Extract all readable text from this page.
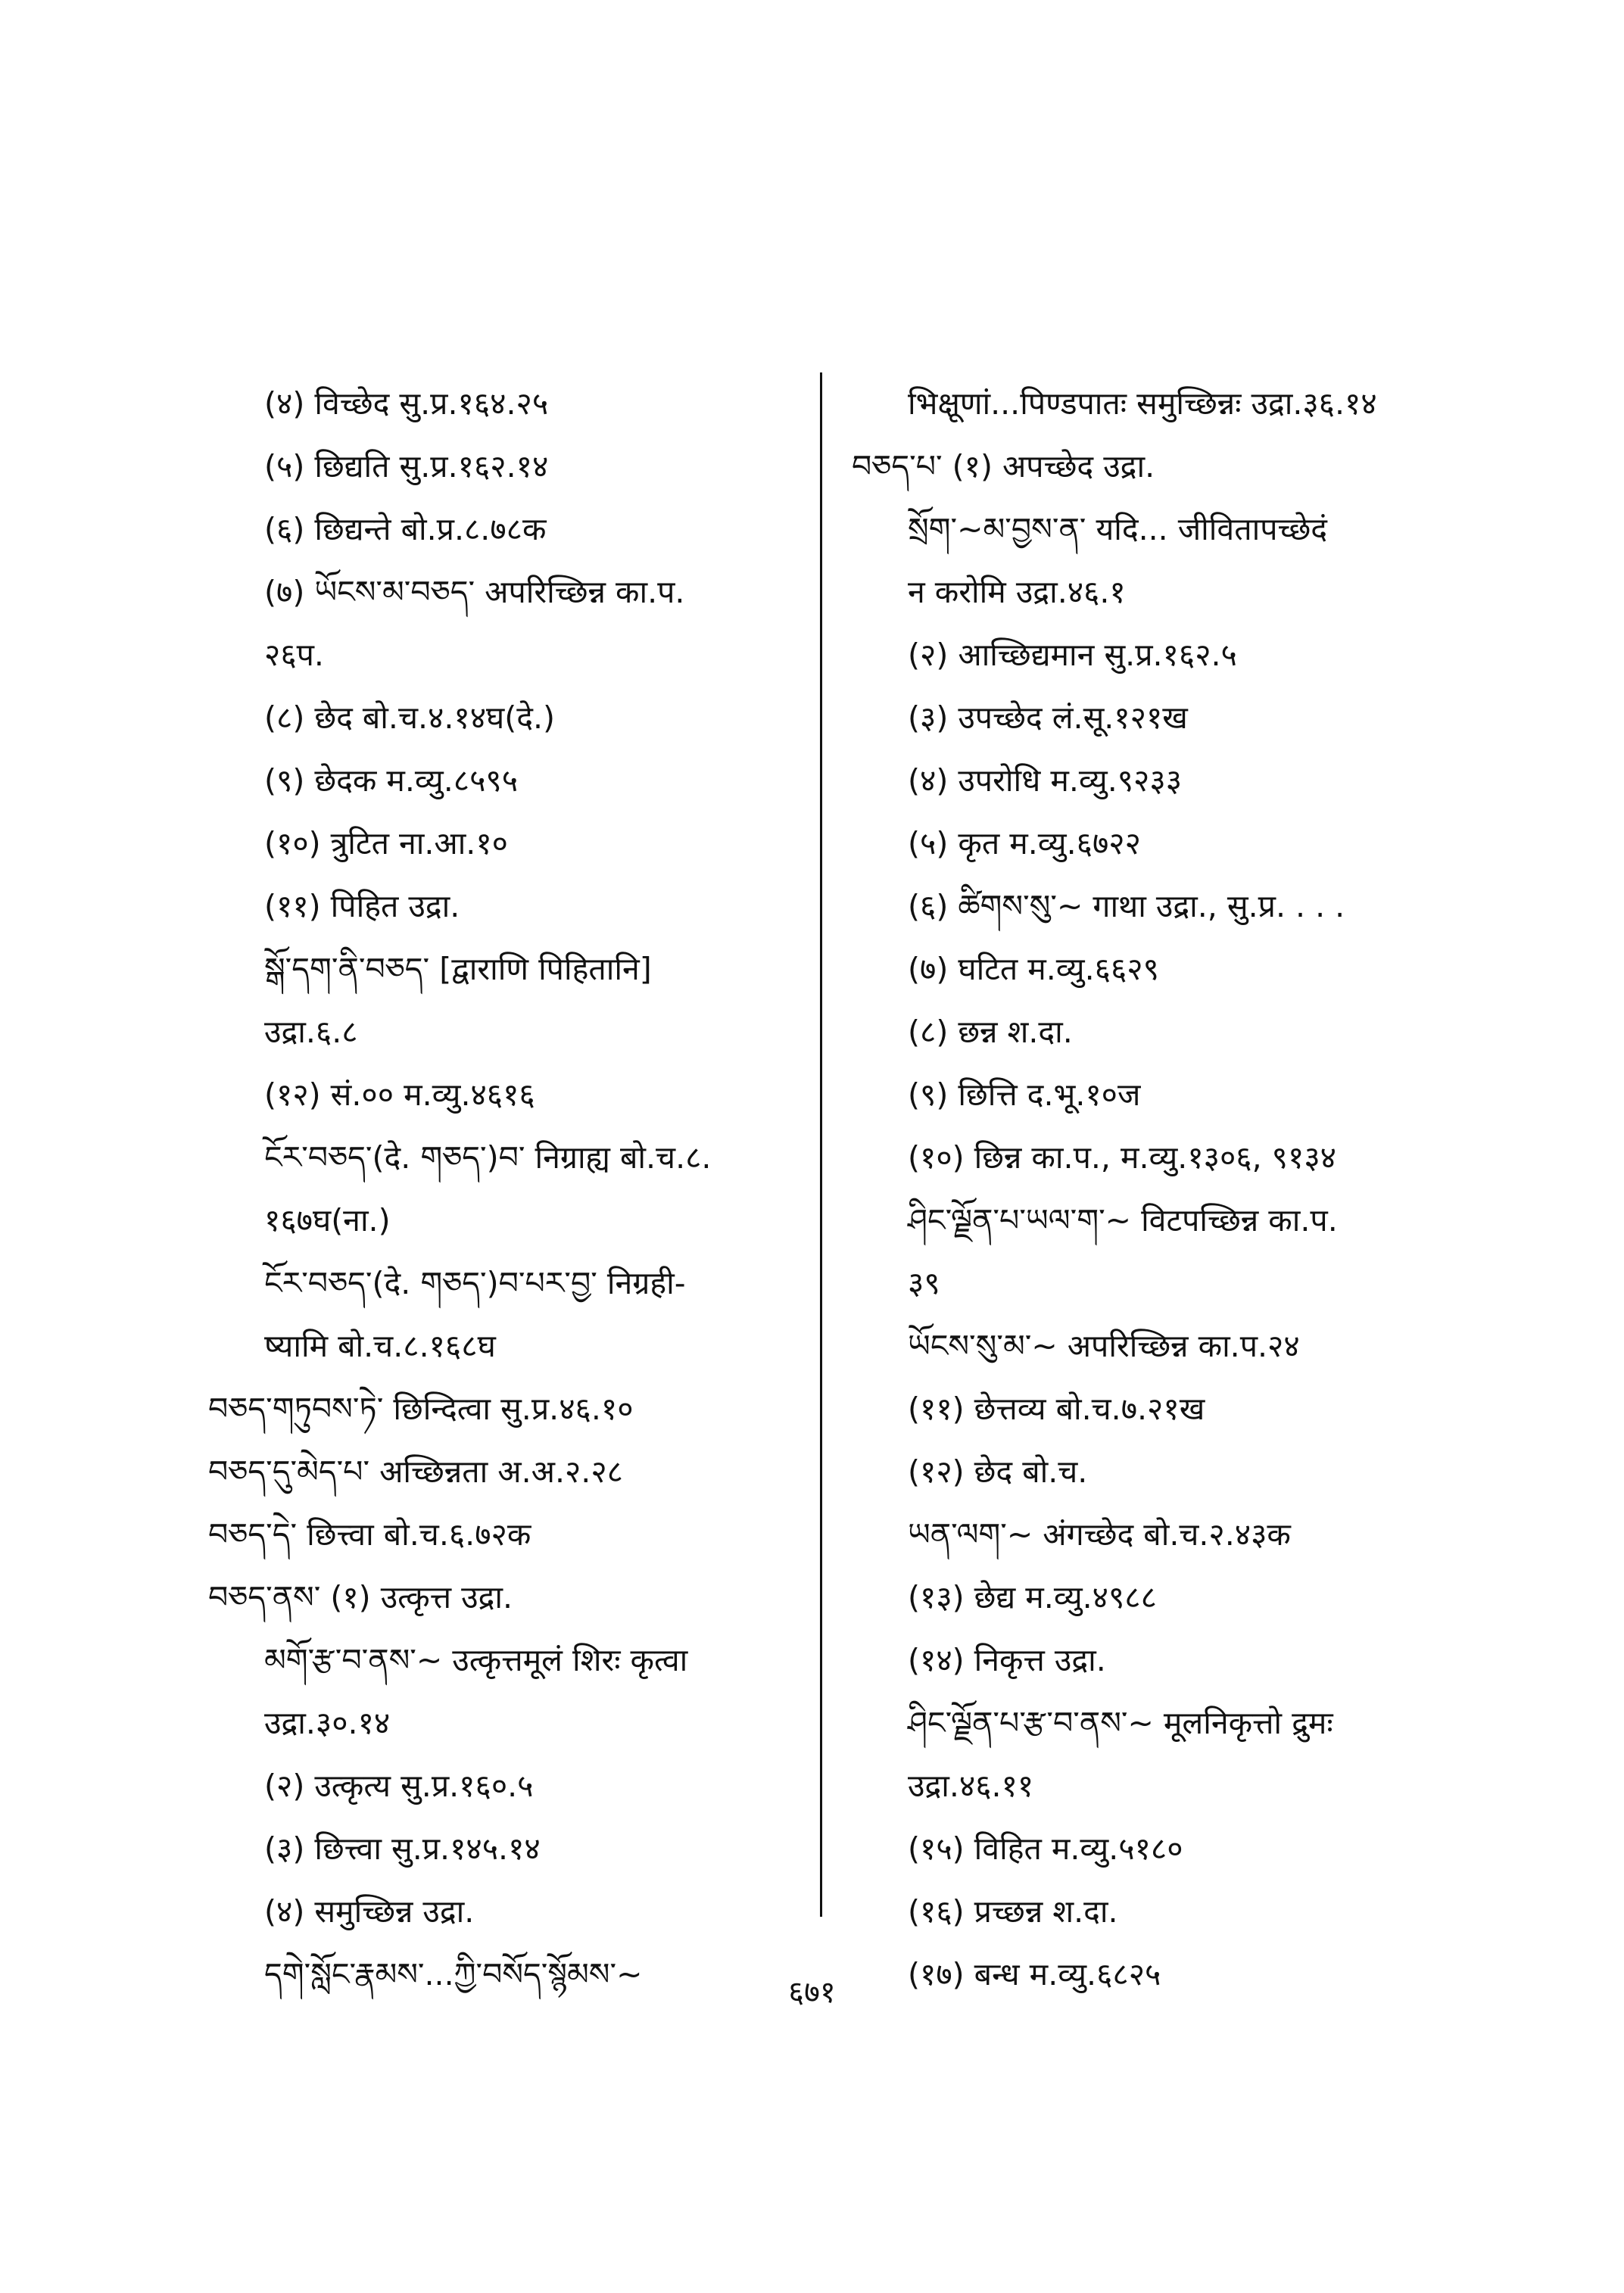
(४) विच्छेद सु.प्र.१६४.२५
(५) छिद्यति सु.प्र.१६२.१४
(६) छिद्यन्ते बो.प्र.८.७८क
(७) ཡོངས་མ་བཅད་ अपरिच्छिन्न का.प.
२६प.
(८) छेद बो.च.४.१४घ(दे.)
(९) छेदक म.व्यु.८५९५
(१०) त्रुटित ना.आ.१०
(११) पिहित उद्रा.
སྒོ་དག་ནི་བཅད་ [द्वाराणि पिहितानि]
उद्रा.६.८
(१२) सं.०० म.व्यु.४६१६
ངོར་བཅད་(दे. གཅད་)བ་ निग्राह्य बो.च.८.
१६७घ(ना.)
ངོར་བཅད་(दे. གཅད་)བ་པར་བྱ་ निग्रही-
ष्यामि बो.च.८.१६८घ
བཅད་གཏུབས་ཏེ་ छिन्दित्वा सु.प्र.४६.१०
བཅད་དུ་མེད་པ་ अच्छिन्नता अ.अ.२.२८
བཅད་དེ་ छित्त्वा बो.च.६.७२क
བཅད་ནས་ (१) उत्कृत्त उद्रा.
མགོ་རྩ་བ་ནས་~ उत्कृत्तमूलं शिरः कृत्वा
उद्रा.३०.१४
(२) उत्कृत्य सु.प्र.१६०.५
(३) छित्त्वा सु.प्र.१४५.१४
(४) समुच्छिन्न उद्रा.
དགེ་སློང་རྣམས་...ཀྱི་བསོད་སྙོམས་~
भिक्षूणां...पिण्डपातः समुच्छिन्नः उद्रा.३६.१४
བཅད་པ་ (१) अपच्छेद उद्रा.
སྲོག་~མ་བྱས་ན་ यदि... जीवितापच्छेदं
न करोमि उद्रा.४६.१
(२) आच्छिद्यमान सु.प्र.१६२.५
(३) उपच्छेद लं.सू.१२१ख
(४) उपरोधि म.व्यु.९२३३
(५) कृत म.व्यु.६७२२
(६) ཚིགས་སུ་~ गाथा उद्रा., सु.प्र. . . .
(७) घटित म.व्यु.६६२९
(८) छन्न श.दा.
(९) छित्ति द.भू.१०ज
(१०) छिन्न का.प., म.व्यु.१३०६, ९१३४
ཤིང་ལྗོན་པ་ཡལ་ག་~ विटपच्छिन्न का.प.
३९
ཡོངས་སུ་མ་~ अपरिच्छिन्न का.प.२४
(११) छेत्तव्य बो.च.७.२१ख
(१२) छेद बो.च.
ཡན་ལག་~ अंगच्छेद बो.च.२.४३क
(१३) छेद्य म.व्यु.४९८८
(१४) निकृत्त उद्रा.
ཤིང་ལྗོན་པ་རྩ་བ་ནས་~ मूलनिकृत्तो द्रुमः
उद्रा.४६.११
(१५) विहित म.व्यु.५१८०
(१६) प्रच्छन्न श.दा.
(१७) बन्ध म.व्यु.६८२५
६७१
